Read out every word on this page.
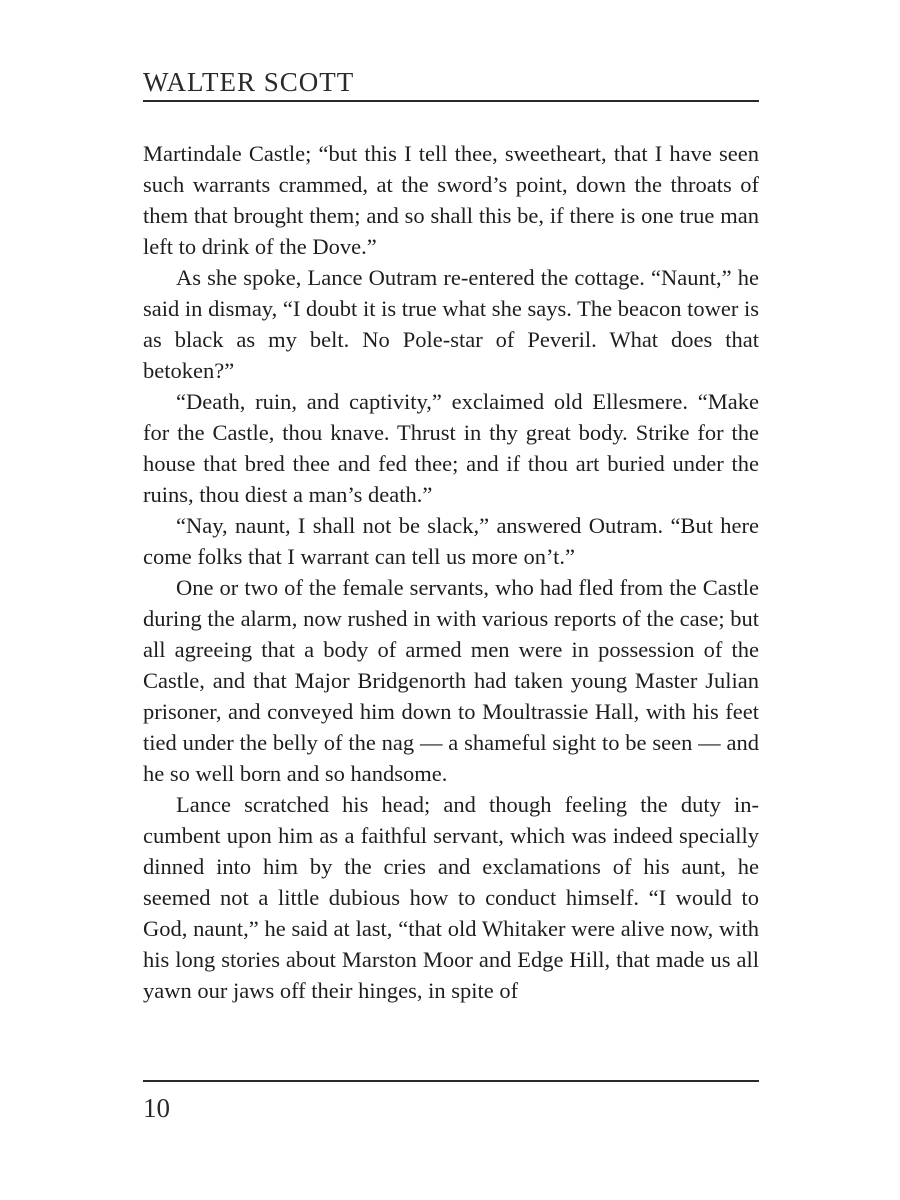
WALTER SCOTT

Martindale Castle; “but this I tell thee, sweetheart, that I have seen such warrants crammed, at the sword’s point, down the throats of them that brought them; and so shall this be, if there is one true man left to drink of the Dove.”

As she spoke, Lance Outram re-entered the cottage. “Naunt,” he said in dismay, “I doubt it is true what she says. The beacon tower is as black as my belt. No Pole-star of Peveril. What does that betoken?”

“Death, ruin, and captivity,” exclaimed old Ellesmere. “Make for the Castle, thou knave. Thrust in thy great body. Strike for the house that bred thee and fed thee; and if thou art buried under the ruins, thou diest a man’s death.”

“Nay, naunt, I shall not be slack,” answered Outram. “But here come folks that I warrant can tell us more on’t.”

One or two of the female servants, who had fled from the Castle during the alarm, now rushed in with various reports of the case; but all agreeing that a body of armed men were in possession of the Castle, and that Major Bridgenorth had taken young Master Julian prisoner, and conveyed him down to Moultrassie Hall, with his feet tied under the belly of the nag — a shameful sight to be seen — and he so well born and so handsome.

Lance scratched his head; and though feeling the duty incumbent upon him as a faithful servant, which was indeed specially dinned into him by the cries and exclamations of his aunt, he seemed not a little dubious how to conduct himself. “I would to God, naunt,” he said at last, “that old Whitaker were alive now, with his long stories about Marston Moor and Edge Hill, that made us all yawn our jaws off their hinges, in spite of

10
